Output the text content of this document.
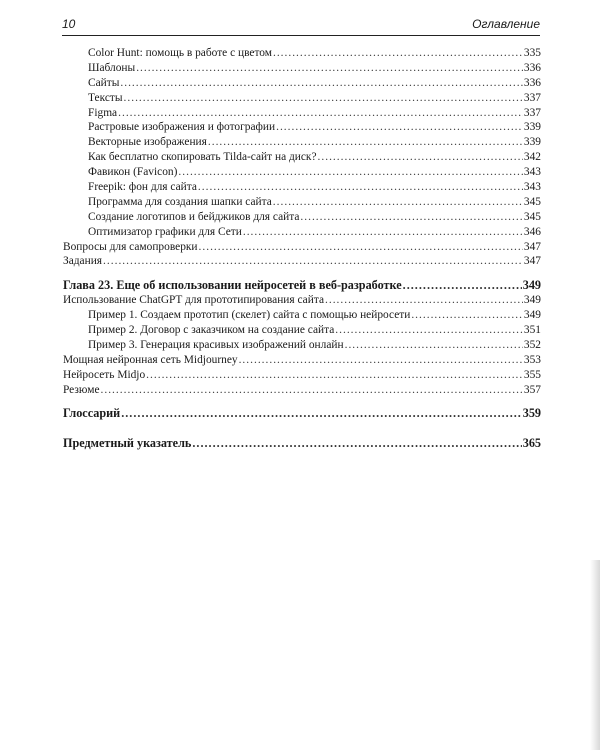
10	Оглавление
Color Hunt: помощь в работе с цветом .....	335
Шаблоны .....	336
Сайты .....	336
Тексты .....	337
Figma .....	337
Растровые изображения и фотографии .....	339
Векторные изображения .....	339
Как бесплатно скопировать Tilda-сайт на диск? .....	342
Фавикон (Favicon) .....	343
Freepik: фон для сайта .....	343
Программа для создания шапки сайта .....	345
Создание логотипов и бейджиков для сайта .....	345
Оптимизатор графики для Сети .....	346
Вопросы для самопроверки .....	347
Задания .....	347
Глава 23. Еще об использовании нейросетей в веб-разработке .....	349
Использование ChatGPT для прототипирования сайта .....	349
Пример 1. Создаем прототип (скелет) сайта с помощью нейросети .....	349
Пример 2. Договор с заказчиком на создание сайта .....	351
Пример 3. Генерация красивых изображений онлайн .....	352
Мощная нейронная сеть Midjourney .....	353
Нейросеть Midjo .....	355
Резюме .....	357
Глоссарий .....	359
Предметный указатель .....	365
